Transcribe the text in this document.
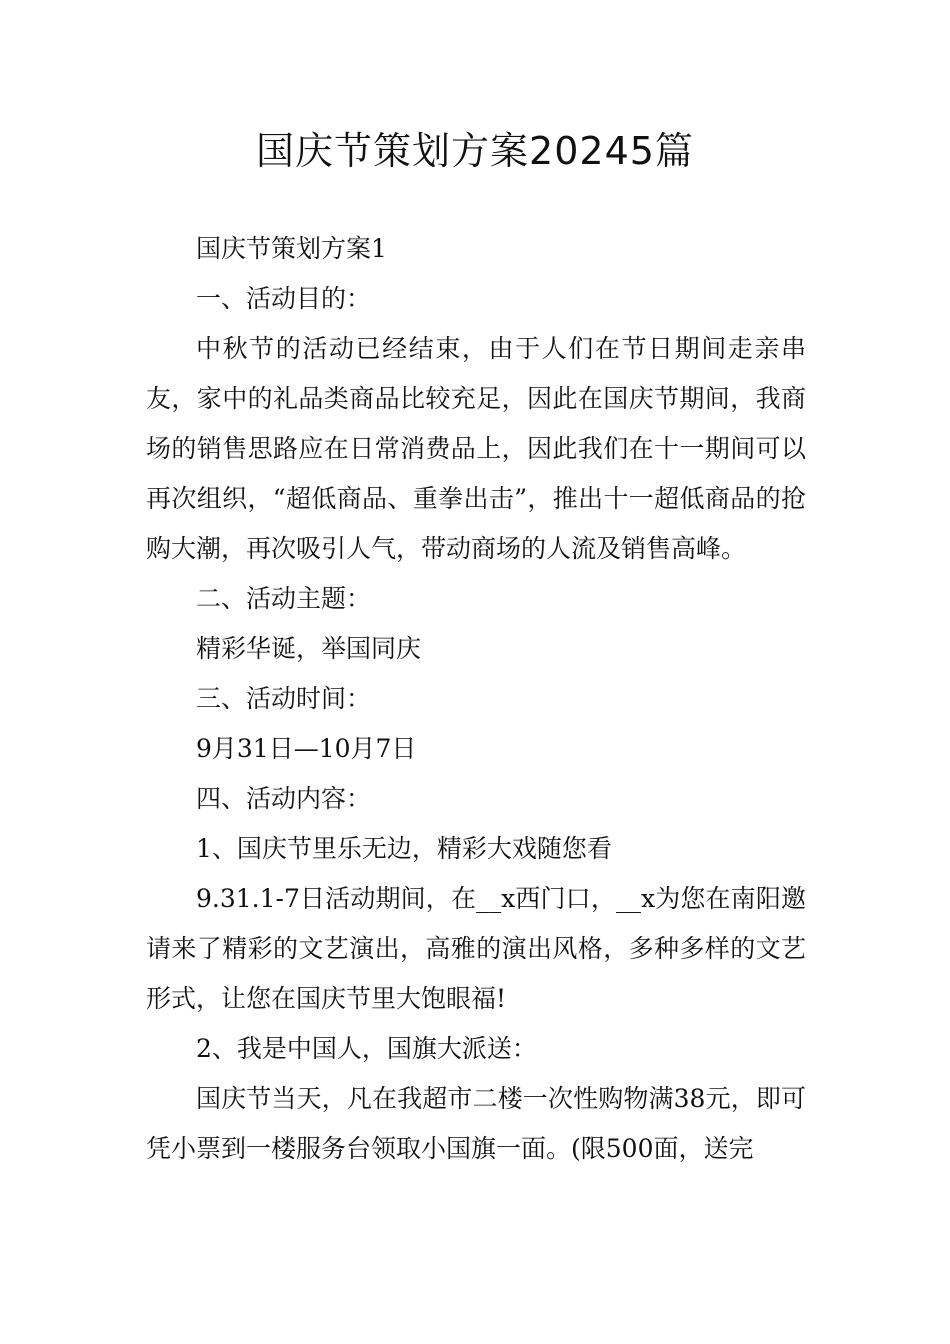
国庆节策划方案20245篇

国庆节策划方案1

一、活动目的：

中秋节的活动已经结束，由于人们在节日期间走亲串友，家中的礼品类商品比较充足，因此在国庆节期间，我商场的销售思路应在日常消费品上，因此我们在十一期间可以再次组织，“超低商品、重拳出击”，推出十一超低商品的抢购大潮，再次吸引人气，带动商场的人流及销售高峰。

二、活动主题：

精彩华诞，举国同庆

三、活动时间：

9月31日—10月7日

四、活动内容：

1、国庆节里乐无边，精彩大戏随您看

9.31.1-7日活动期间，在__x西门口，__x为您在南阳邀请来了精彩的文艺演出，高雅的演出风格，多种多样的文艺形式，让您在国庆节里大饱眼福!

2、我是中国人，国旗大派送：

国庆节当天，凡在我超市二楼一次性购物满38元，即可凭小票到一楼服务台领取小国旗一面。(限500面，送完
